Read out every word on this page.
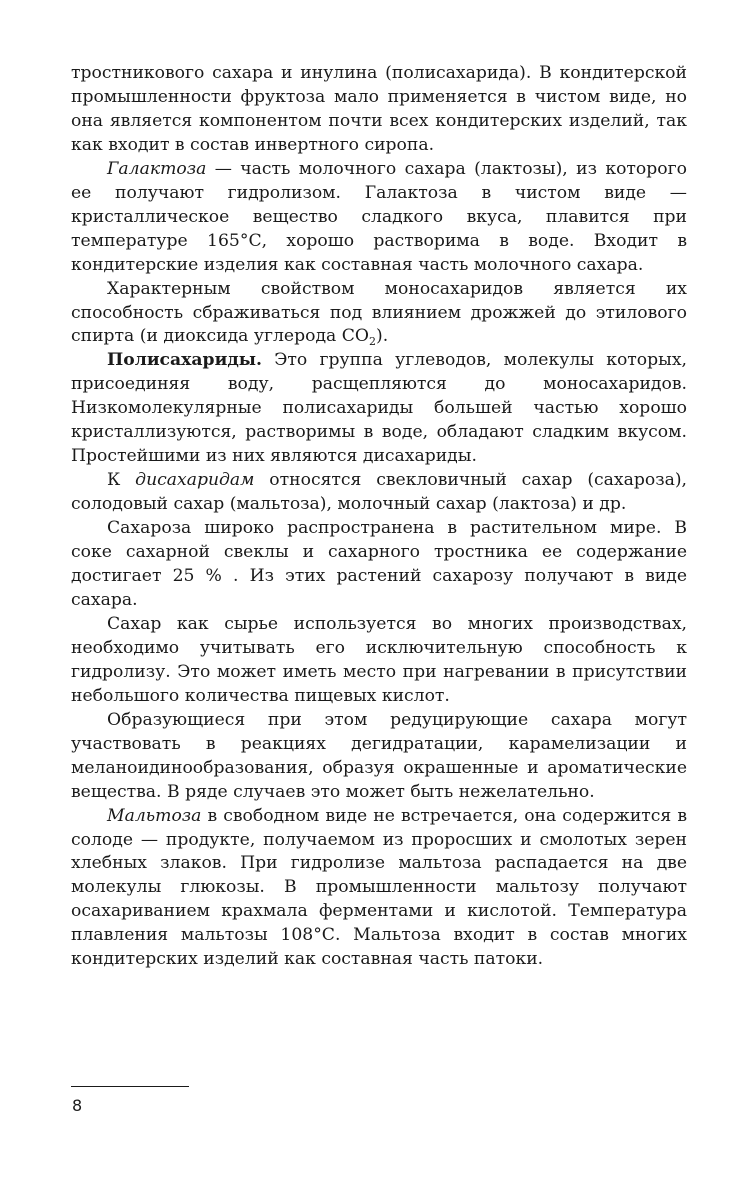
тростникового сахара и инулина (полисахарида). В кондитерской промышленности фруктоза мало применяется в чистом виде, но она является компонентом почти всех кондитерских изделий, так как входит в состав инвертного сиропа.

Галактоза — часть молочного сахара (лактозы), из которого ее получают гидролизом. Галактоза в чистом виде — кристаллическое вещество сладкого вкуса, плавится при температуре 165°С, хорошо растворима в воде. Входит в кондитерские изделия как составная часть молочного сахара.

Характерным свойством моносахаридов является их способность сбраживаться под влиянием дрожжей до этилового спирта (и диоксида углерода $СО_2$).

Полисахариды. Это группа углеводов, молекулы которых, присоединяя воду, расщепляются до моносахаридов. Низкомолекулярные полисахариды большей частью хорошо кристаллизуются, растворимы в воде, обладают сладким вкусом. Простейшими из них являются дисахариды.

К дисахаридам относятся свекловичный сахар (сахароза), солодовый сахар (мальтоза), молочный сахар (лактоза) и др.

Сахароза широко распространена в растительном мире. В соке сахарной свеклы и сахарного тростника ее содержание достигает 25 % . Из этих растений сахарозу получают в виде сахара.

Сахар как сырье используется во многих производствах, необходимо учитывать его исключительную способность к гидролизу. Это может иметь место при нагревании в присутствии небольшого количества пищевых кислот.

Образующиеся при этом редуцирующие сахара могут участвовать в реакциях дегидратации, карамелизации и меланоидинообразования, образуя окрашенные и ароматические вещества. В ряде случаев это может быть нежелательно.

Мальтоза в свободном виде не встречается, она содержится в солоде — продукте, получаемом из проросших и смолотых зерен хлебных злаков. При гидролизе мальтоза распадается на две молекулы глюкозы. В промышленности мальтозу получают осахариванием крахмала ферментами и кислотой. Температура плавления мальтозы 108°С. Мальтоза входит в состав многих кондитерских изделий как составная часть патоки.

8
